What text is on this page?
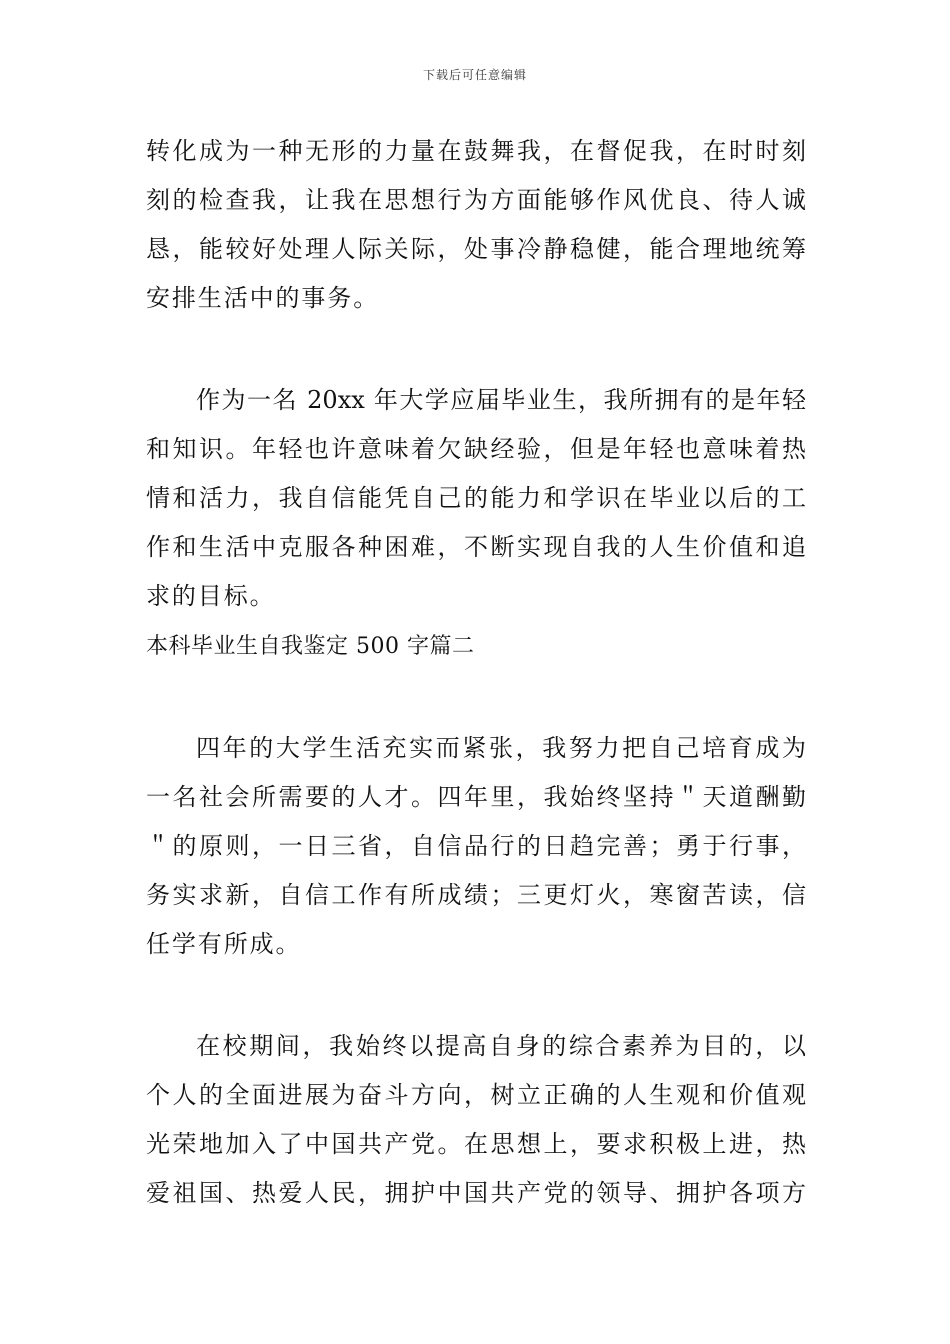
下载后可任意编辑
转化成为一种无形的力量在鼓舞我，在督促我，在时时刻
刻的检查我，让我在思想行为方面能够作风优良、待人诚
恳，能较好处理人际关际，处事冷静稳健，能合理地统筹
安排生活中的事务。
作为一名 20xx 年大学应届毕业生，我所拥有的是年轻
和知识。年轻也许意味着欠缺经验，但是年轻也意味着热
情和活力，我自信能凭自己的能力和学识在毕业以后的工
作和生活中克服各种困难，不断实现自我的人生价值和追
求的目标。
本科毕业生自我鉴定 500 字篇二
四年的大学生活充实而紧张，我努力把自己培育成为
一名社会所需要的人才。四年里，我始终坚持＂天道酬勤
＂的原则，一日三省，自信品行的日趋完善；勇于行事，
务实求新，自信工作有所成绩；三更灯火，寒窗苦读，信
任学有所成。
在校期间，我始终以提高自身的综合素养为目的，以
个人的全面进展为奋斗方向，树立正确的人生观和价值观
光荣地加入了中国共产党。在思想上，要求积极上进，热
爱祖国、热爱人民，拥护中国共产党的领导、拥护各项方
